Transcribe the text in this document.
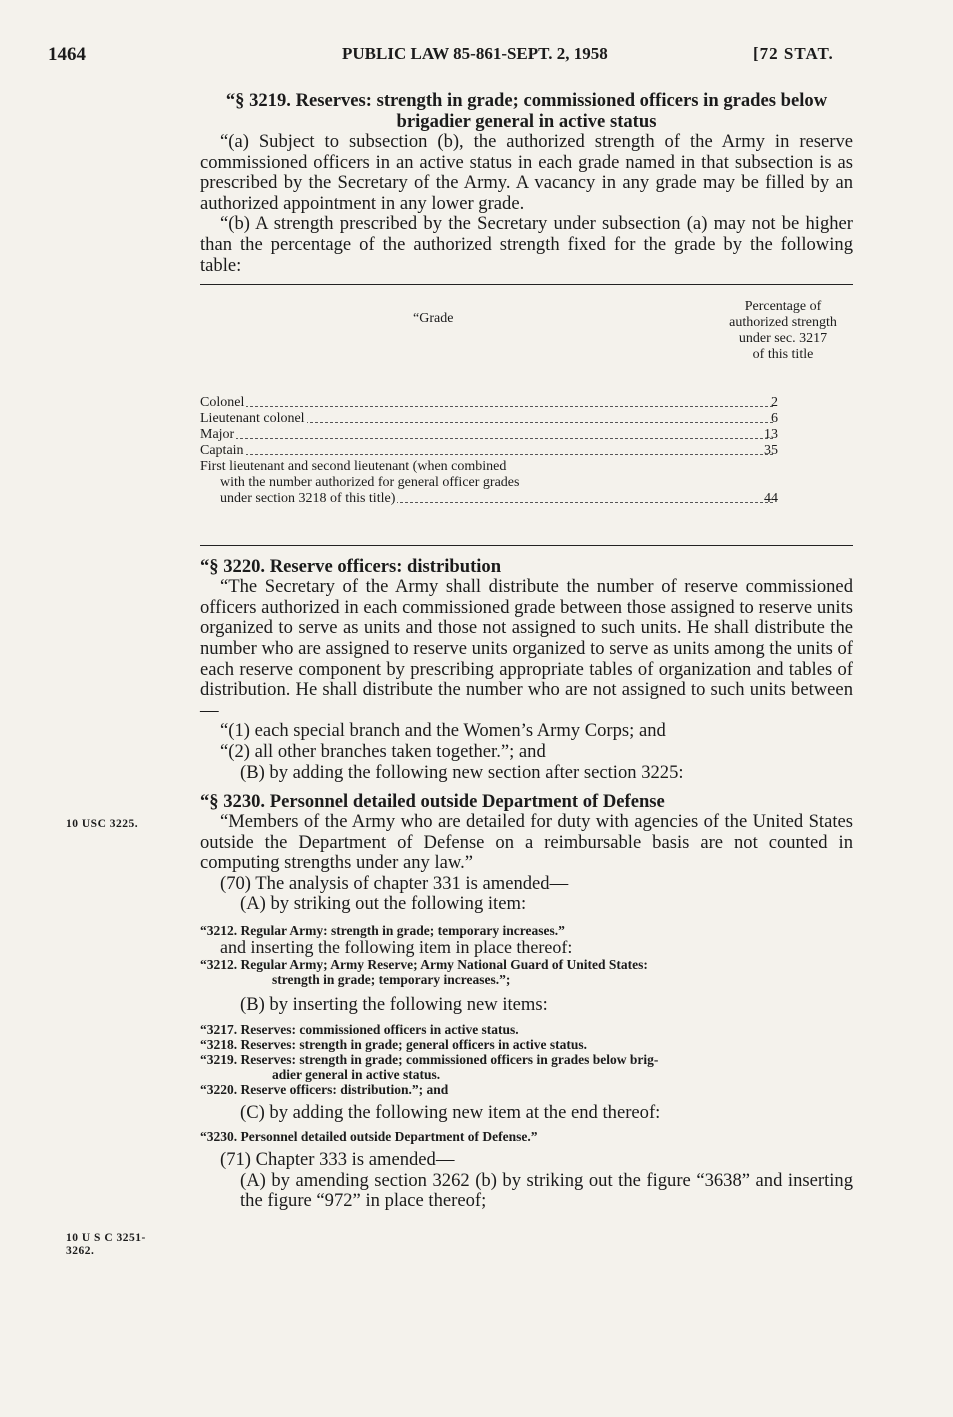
1464	PUBLIC LAW 85-861-SEPT. 2, 1958	[72 STAT.
10 USC 3225.
10 U S C 3251-
3262.
“§ 3219. Reserves: strength in grade; commissioned officers in grades below brigadier general in active status

“(a) Subject to subsection (b), the authorized strength of the Army in reserve commissioned officers in an active status in each grade named in that subsection is as prescribed by the Secretary of the Army. A vacancy in any grade may be filled by an authorized appointment in any lower grade.

“(b) A strength prescribed by the Secretary under subsection (a) may not be higher than the percentage of the authorized strength fixed for the grade by the following table:

“Grade
Percentage of
authorized strength
under sec. 3217
of this title
Colonel	2
Lieutenant colonel	6
Major	13
Captain	35
First lieutenant and second lieutenant (when combined
with the number authorized for general officer grades
under section 3218 of this title)	44
“§ 3220. Reserve officers: distribution

“The Secretary of the Army shall distribute the number of reserve commissioned officers authorized in each commissioned grade between those assigned to reserve units organized to serve as units and those not assigned to such units. He shall distribute the number who are assigned to reserve units organized to serve as units among the units of each reserve component by prescribing appropriate tables of organization and tables of distribution. He shall distribute the number who are not assigned to such units between—

“(1) each special branch and the Women’s Army Corps; and

“(2) all other branches taken together.”; and

(B) by adding the following new section after section 3225:

“§ 3230. Personnel detailed outside Department of Defense

“Members of the Army who are detailed for duty with agencies of the United States outside the Department of Defense on a reimbursable basis are not counted in computing strengths under any law.”

(70) The analysis of chapter 331 is amended—

(A) by striking out the following item:

“3212. Regular Army: strength in grade; temporary increases.”

and inserting the following item in place thereof:

“3212. Regular Army; Army Reserve; Army National Guard of United States:
strength in grade; temporary increases.”;

(B) by inserting the following new items:

“3217. Reserves: commissioned officers in active status.
“3218. Reserves: strength in grade; general officers in active status.
“3219. Reserves: strength in grade; commissioned officers in grades below brig-
adier general in active status.
“3220. Reserve officers: distribution.”; and

(C) by adding the following new item at the end thereof:

“3230. Personnel detailed outside Department of Defense.”

(71) Chapter 333 is amended—

(A) by amending section 3262 (b) by striking out the figure “3638” and inserting the figure “972” in place thereof;
